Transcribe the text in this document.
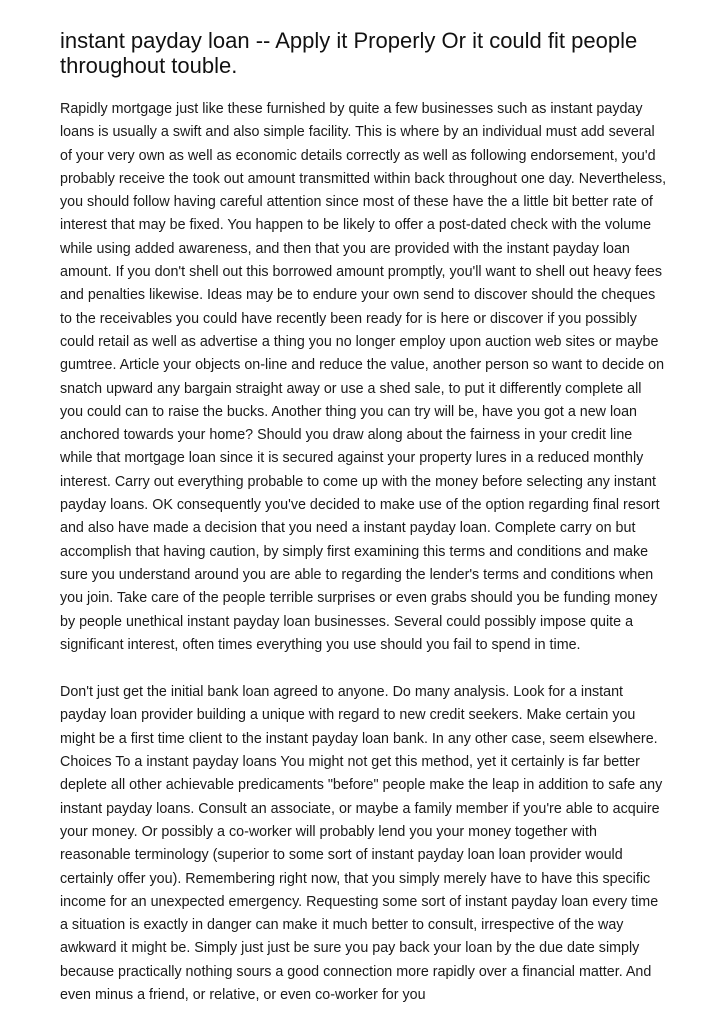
instant payday loan -- Apply it Properly Or it could fit people throughout touble.

Rapidly mortgage just like these furnished by quite a few businesses such as instant payday loans is usually a swift and also simple facility. This is where by an individual must add several of your very own as well as economic details correctly as well as following endorsement, you'd probably receive the took out amount transmitted within back throughout one day. Nevertheless, you should follow having careful attention since most of these have the a little bit better rate of interest that may be fixed. You happen to be likely to offer a post-dated check with the volume while using added awareness, and then that you are provided with the instant payday loan amount. If you don't shell out this borrowed amount promptly, you'll want to shell out heavy fees and penalties likewise. Ideas may be to endure your own send to discover should the cheques to the receivables you could have recently been ready for is here or discover if you possibly could retail as well as advertise a thing you no longer employ upon auction web sites or maybe gumtree. Article your objects on-line and reduce the value, another person so want to decide on snatch upward any bargain straight away or use a shed sale, to put it differently complete all you could can to raise the bucks. Another thing you can try will be, have you got a new loan anchored towards your home? Should you draw along about the fairness in your credit line while that mortgage loan since it is secured against your property lures in a reduced monthly interest. Carry out everything probable to come up with the money before selecting any instant payday loans. OK consequently you've decided to make use of the option regarding final resort and also have made a decision that you need a instant payday loan. Complete carry on but accomplish that having caution, by simply first examining this terms and conditions and make sure you understand around you are able to regarding the lender's terms and conditions when you join. Take care of the people terrible surprises or even grabs should you be funding money by people unethical instant payday loan businesses. Several could possibly impose quite a significant interest, often times everything you use should you fail to spend in time.

Don't just get the initial bank loan agreed to anyone. Do many analysis. Look for a instant payday loan provider building a unique with regard to new credit seekers. Make certain you might be a first time client to the instant payday loan bank. In any other case, seem elsewhere. Choices To a instant payday loans You might not get this method, yet it certainly is far better deplete all other achievable predicaments "before" people make the leap in addition to safe any instant payday loans. Consult an associate, or maybe a family member if you're able to acquire your money. Or possibly a co-worker will probably lend you your money together with reasonable terminology (superior to some sort of instant payday loan loan provider would certainly offer you). Remembering right now, that you simply merely have to have this specific income for an unexpected emergency. Requesting some sort of instant payday loan every time a situation is exactly in danger can make it much better to consult, irrespective of the way awkward it might be. Simply just just be sure you pay back your loan by the due date simply because practically nothing sours a good connection more rapidly over a financial matter. And even minus a friend, or relative, or even co-worker for you
